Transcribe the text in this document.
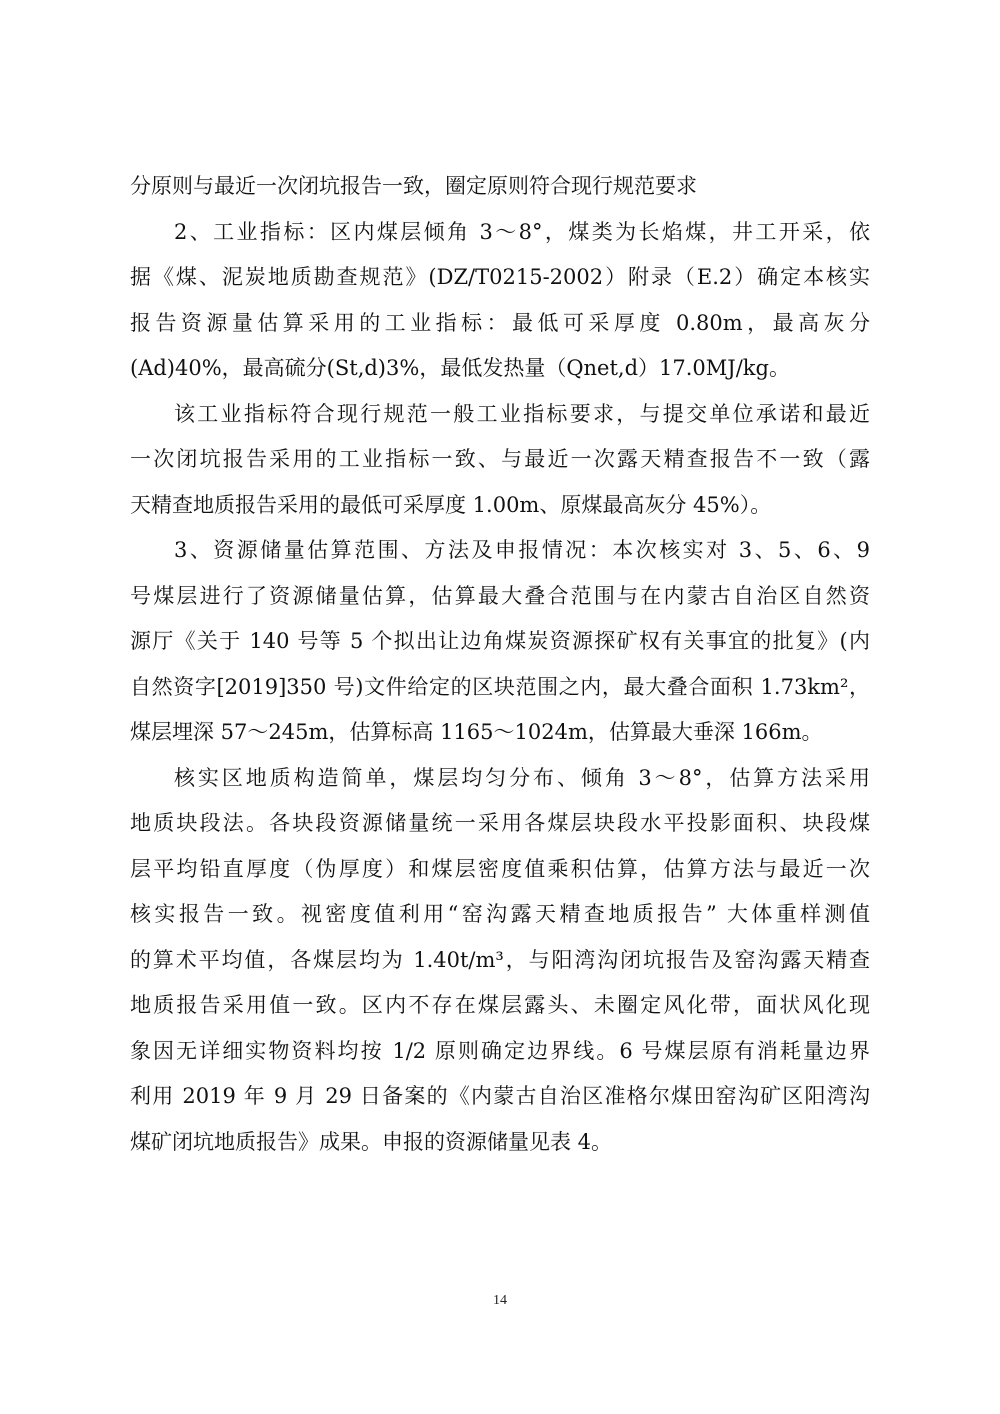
分原则与最近一次闭坑报告一致，圈定原则符合现行规范要求
2、工业指标：区内煤层倾角 3～8°，煤类为长焰煤，井工开采，依
据《煤、泥炭地质勘查规范》(DZ/T0215-2002）附录（E.2）确定本核实
报告资源量估算采用的工业指标：最低可采厚度 0.80m，最高灰分
(Ad)40%，最高硫分(St,d)3%，最低发热量（Qnet,d）17.0MJ/kg。
该工业指标符合现行规范一般工业指标要求，与提交单位承诺和最近
一次闭坑报告采用的工业指标一致、与最近一次露天精查报告不一致（露
天精查地质报告采用的最低可采厚度 1.00m、原煤最高灰分 45%）。
3、资源储量估算范围、方法及申报情况：本次核实对 3、5、6、9
号煤层进行了资源储量估算，估算最大叠合范围与在内蒙古自治区自然资
源厅《关于 140 号等 5 个拟出让边角煤炭资源探矿权有关事宜的批复》(内
自然资字[2019]350 号)文件给定的区块范围之内，最大叠合面积 1.73km²，
煤层埋深 57～245m，估算标高 1165～1024m，估算最大垂深 166m。
核实区地质构造简单，煤层均匀分布、倾角 3～8°，估算方法采用
地质块段法。各块段资源储量统一采用各煤层块段水平投影面积、块段煤
层平均铅直厚度（伪厚度）和煤层密度值乘积估算，估算方法与最近一次
核实报告一致。视密度值利用“窑沟露天精查地质报告” 大体重样测值
的算术平均值，各煤层均为 1.40t/m³，与阳湾沟闭坑报告及窑沟露天精查
地质报告采用值一致。区内不存在煤层露头、未圈定风化带，面状风化现
象因无详细实物资料均按 1/2 原则确定边界线。6 号煤层原有消耗量边界
利用 2019 年 9 月 29 日备案的《内蒙古自治区准格尔煤田窑沟矿区阳湾沟
煤矿闭坑地质报告》成果。申报的资源储量见表 4。
14
